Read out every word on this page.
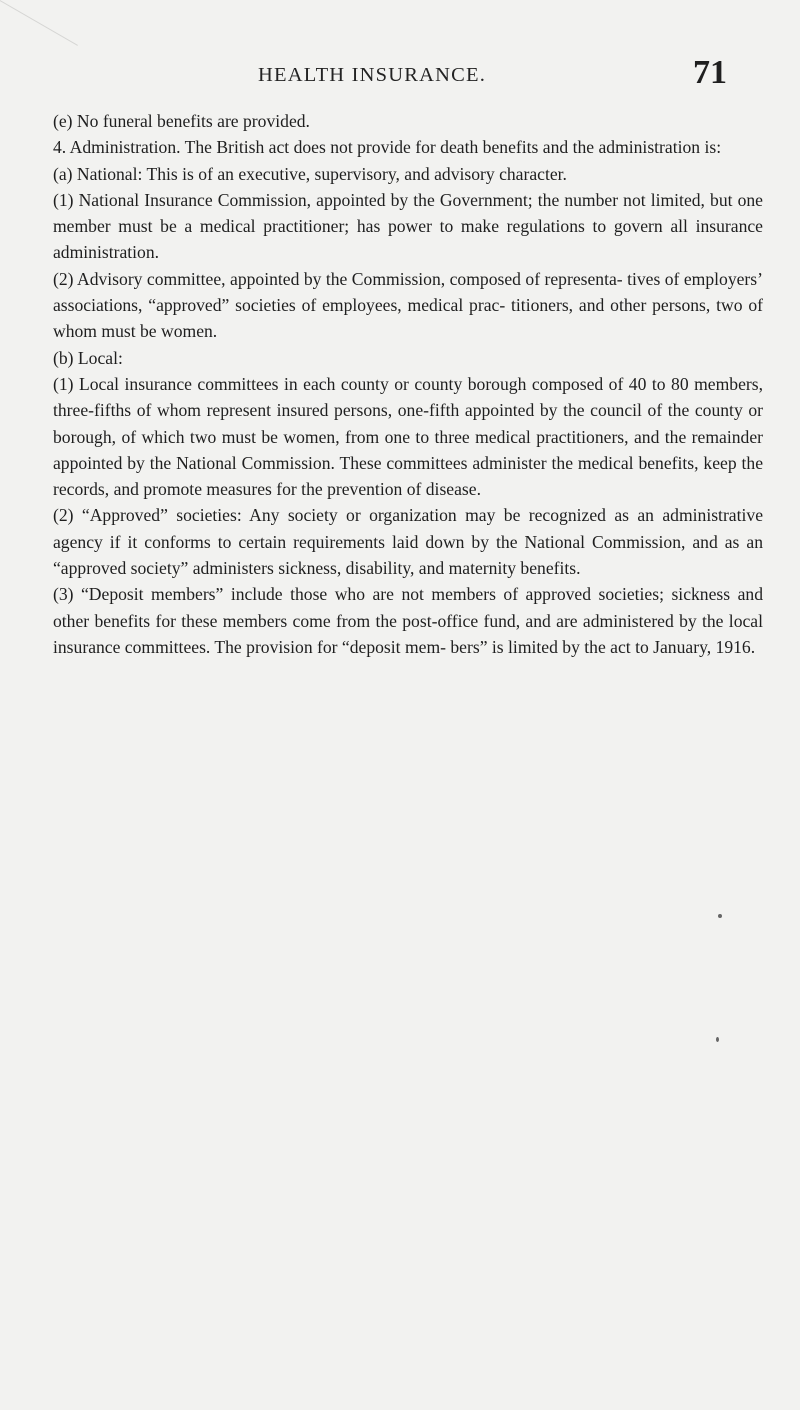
HEALTH INSURANCE.	71

(e) No funeral benefits are provided.

4. Administration. The British act does not provide for death benefits and the administration is:

(a) National: This is of an executive, supervisory, and advisory character.

(1) National Insurance Commission, appointed by the Government; the number not limited, but one member must be a medical practitioner; has power to make regulations to govern all insurance administration.

(2) Advisory committee, appointed by the Commission, composed of representa- tives of employers’ associations, “approved” societies of employees, medical prac- titioners, and other persons, two of whom must be women.

(b) Local:

(1) Local insurance committees in each county or county borough composed of 40 to 80 members, three-fifths of whom represent insured persons, one-fifth appointed by the council of the county or borough, of which two must be women, from one to three medical practitioners, and the remainder appointed by the National Commission. These committees administer the medical benefits, keep the records, and promote measures for the prevention of disease.

(2) “Approved” societies: Any society or organization may be recognized as an administrative agency if it conforms to certain requirements laid down by the National Commission, and as an “approved society” administers sickness, disability, and maternity benefits.

(3) “Deposit members” include those who are not members of approved societies; sickness and other benefits for these members come from the post-office fund, and are administered by the local insurance committees. The provision for “deposit mem- bers” is limited by the act to January, 1916.
